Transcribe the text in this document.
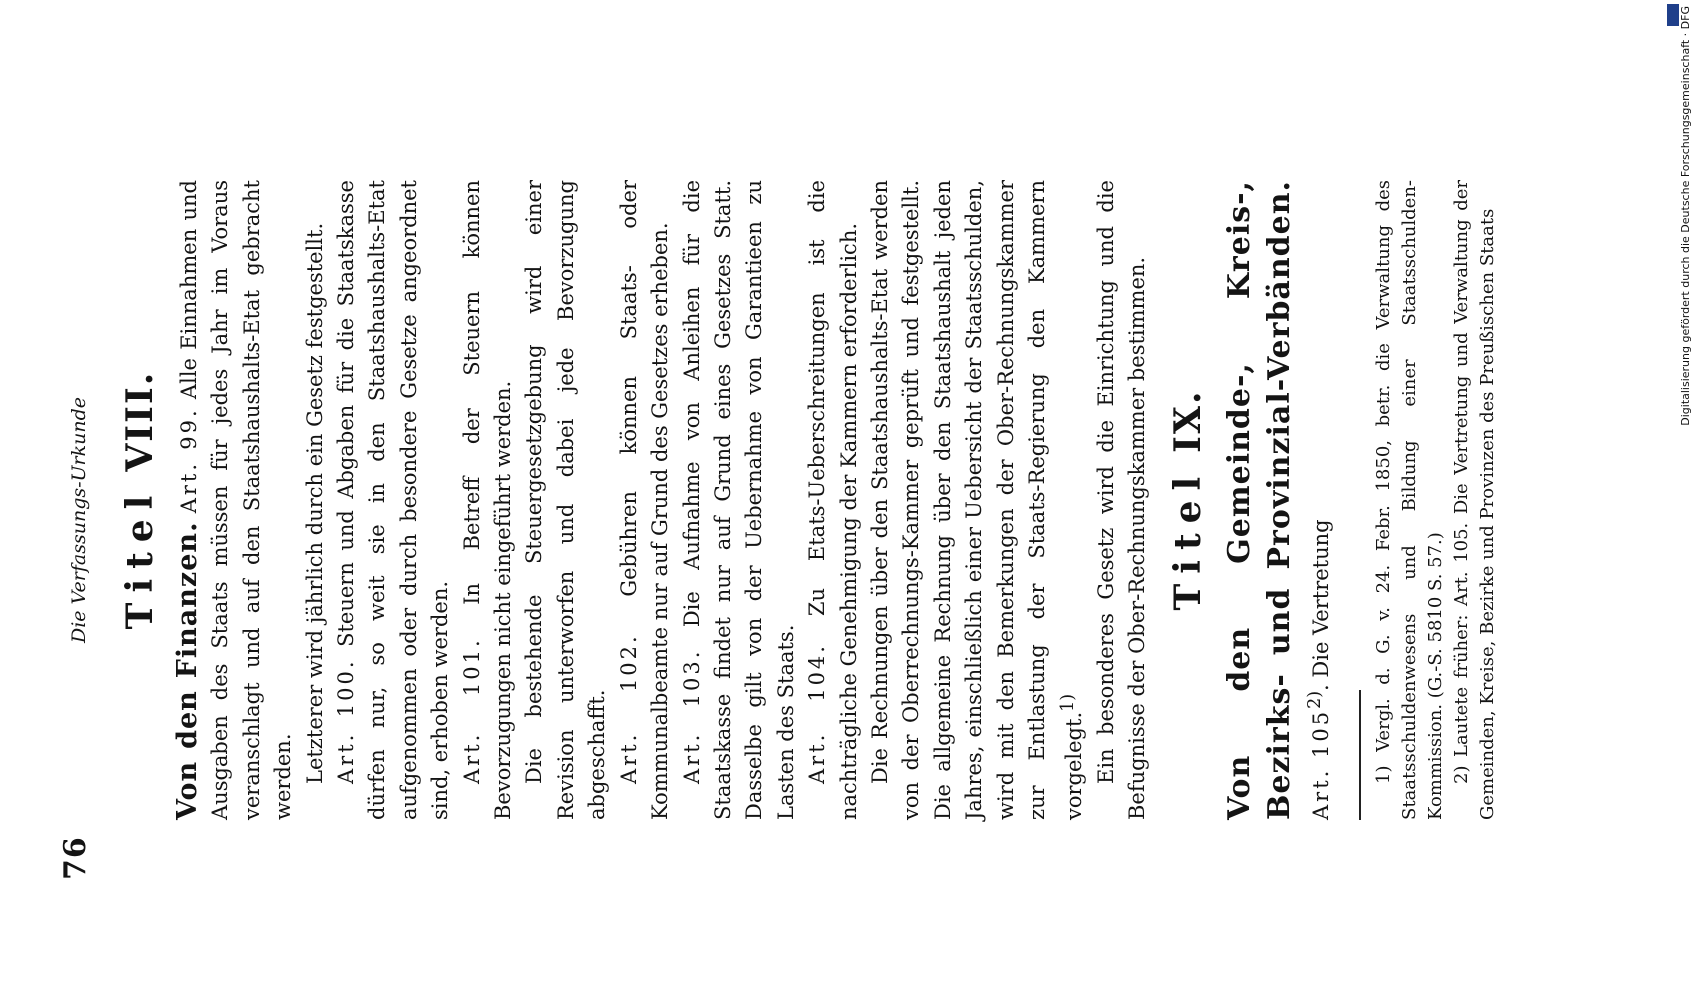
76
Die Verfassungs-Urkunde TitelVIII.

Von den Finanzen. Art. 99. Alle Einnahmen und Ausgaben des Staats müssen für jedes Jahr im Voraus veranschlagt und auf den Staatshaushalts-Etat gebracht werden. Letzterer wird jährlich durch ein Gesetz festgestellt. Art. 100. Steuern und Abgaben für die Staatskasse dürfen nur, so weit sie in den Staatshaushalts-Etat aufgenommen oder durch besondere Gesetze angeordnet sind, erhoben werden. Art. 101. In Betreff der Steuern können Bevorzugungen nicht eingeführt werden. Die bestehende Steuergesetzgebung wird einer Revision unterworfen und dabei jede Bevorzugung abgeschafft. Art. 102. Gebühren können Staats- oder Kommunalbeamte nur auf Grund des Gesetzes erheben. Art. 103. Die Aufnahme von Anleihen für die Staatskasse findet nur auf Grund eines Gesetzes Statt. Dasselbe gilt von der Uebernahme von Garantieen zu Lasten des Staats. Art. 104. Zu Etats-Ueberschreitungen ist die nachträgliche Genehmigung der Kammern erforderlich. Die Rechnungen über den Staatshaushalts-Etat werden von der Oberrechnungs-Kammer geprüft und festgestellt. Die allgemeine Rechnung über den Staatshaushalt jeden Jahres, einschließlich einer Uebersicht der Staatsschulden, wird mit den Bemerkungen der Ober-Rechnungskammer zur Entlastung der Staats-Regierung den Kammern vorgelegt.$^{1)}$ Ein besonderes Gesetz wird die Einrichtung und die Befugnisse der Ober-Rechnungskammer bestimmen. TitelIX. Von den Gemeinde-, Kreis-, Bezirks- und Provinzial-Verbänden. Art. 105$^{2)}$. Die Vertretung 1) Vergl. d. G. v. 24. Febr. 1850, betr. die Verwaltung des Staatsschuldenwesens und Bildung einer Staatsschulden-Kommission. (G.-S. 5810 S. 57.) 2) Lautete früher: Art. 105. Die Vertretung und Verwaltung der Gemeinden, Kreise, Bezirke und Provinzen des Preußischen Staats	Digitalisierung gefördert durch die Deutsche Forschungsgemeinschaft · DFG
